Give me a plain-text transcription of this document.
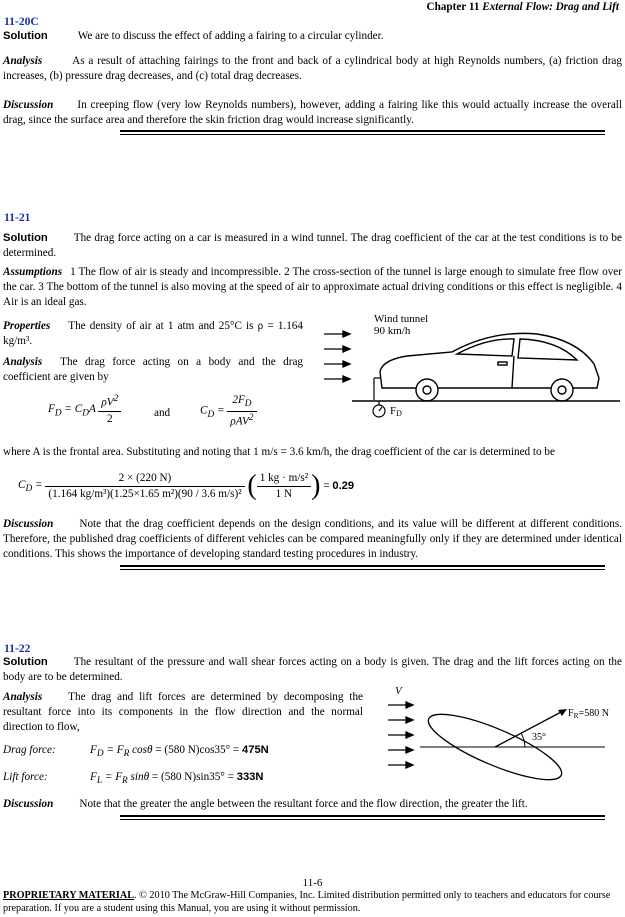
Chapter 11 External Flow: Drag and Lift
11-20C
Solution	We are to discuss the effect of adding a fairing to a circular cylinder.
Analysis	As a result of attaching fairings to the front and back of a cylindrical body at high Reynolds numbers, (a) friction drag increases, (b) pressure drag decreases, and (c) total drag decreases.
Discussion In creeping flow (very low Reynolds numbers), however, adding a fairing like this would actually increase the overall drag, since the surface area and therefore the skin friction drag would increase significantly.
11-21
Solution The drag force acting on a car is measured in a wind tunnel. The drag coefficient of the car at the test conditions is to be determined.
Assumptions 1 The flow of air is steady and incompressible. 2 The cross-section of the tunnel is large enough to simulate free flow over the car. 3 The bottom of the tunnel is also moving at the speed of air to approximate actual driving conditions or this effect is negligible. 4 Air is an ideal gas.
Properties The density of air at 1 atm and 25°C is ρ = 1.164 kg/m³.
Analysis The drag force acting on a body and the drag coefficient are given by
$F_D = C_DA \frac{\rho V^2}{2}$	and	$C_D = \frac{2F_D}{\rho AV^2}$
Wind tunnel
90 km/h
FD
where A is the frontal area. Substituting and noting that 1 m/s = 3.6 km/h, the drag coefficient of the car is determined to be
$C_D = \frac{2 \times (220 N)}{\text{(1.164 kg/m³)(1.25×1.65 m²)(90 / 3.6 m/s)²}}$ ( $\frac{\text{1 kg · m/s²}}{1 N}$ ) = 0.29
Discussion Note that the drag coefficient depends on the design conditions, and its value will be different at different conditions. Therefore, the published drag coefficients of different vehicles can be compared meaningfully only if they are determined under identical conditions. This shows the importance of developing standard testing procedures in industry.
11-22
Solution The resultant of the pressure and wall shear forces acting on a body is given. The drag and the lift forces acting on the body are to be determined.
Analysis The drag and lift forces are determined by decomposing the resultant force into its components in the flow direction and the normal direction to flow,
Drag force:	$F_D = F_R$ cosθ = (580 N)cos35° = 475N
Lift force:	$F_L = F_R$ sinθ = (580 N)sin35° = 333N
V
35°
$F_R=580$ N
Discussion Note that the greater the angle between the resultant force and the flow direction, the greater the lift.
11-6
PROPRIETARY MATERIAL. © 2010 The McGraw-Hill Companies, Inc. Limited distribution permitted only to teachers and educators for course preparation. If you are a student using this Manual, you are using it without permission.
